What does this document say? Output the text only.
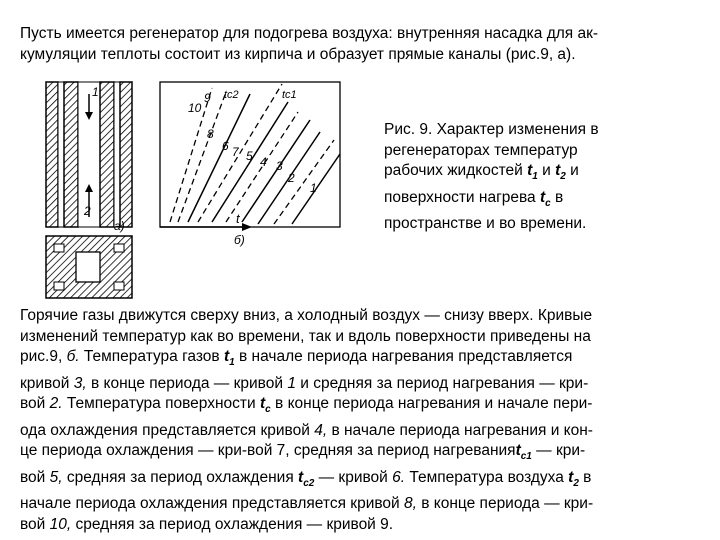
Пусть имеется регенератор для подогрева воздуха: внутренняя насадка для ак-
кумуляции теплоты состоит из кирпича и образует прямые каналы (рис.9, а).
1
2
а)	t
б)
10
9
8
6 7 5 4 3
2
1
tc2	tc1
Рис. 9. Характер изменения в
регенераторах температур
рабочих жидкостей $t_1$ и $t_2$ и
поверхности нагрева $t_с$ в
пространстве и во времени.
Горячие газы движутся сверху вниз, а холодный воздух — снизу вверх. Кривые
изменений температур как во времени, так и вдоль поверхности приведены на
рис.9, б. Температура газов $t_1$ в начале периода нагревания представляется
кривой 3, в конце периода — кривой 1 и средняя за период нагревания — кри-
вой 2. Температура поверхности $t_с$ в конце периода нагревания и начале пери-
ода охлаждения представляется кривой 4, в начале периода нагревания и кон-
це периода охлаждения — кри-вой 7, средняя за период нагреванияt$_{с1}$ — кри-
вой 5, средняя за период охлаждения $t_{с2}$ — кривой 6. Температура воздуха $t_2$ в
начале периода охлаждения представляется кривой 8, в конце периода — кри-
вой 10, средняя за период охлаждения — кривой 9.
